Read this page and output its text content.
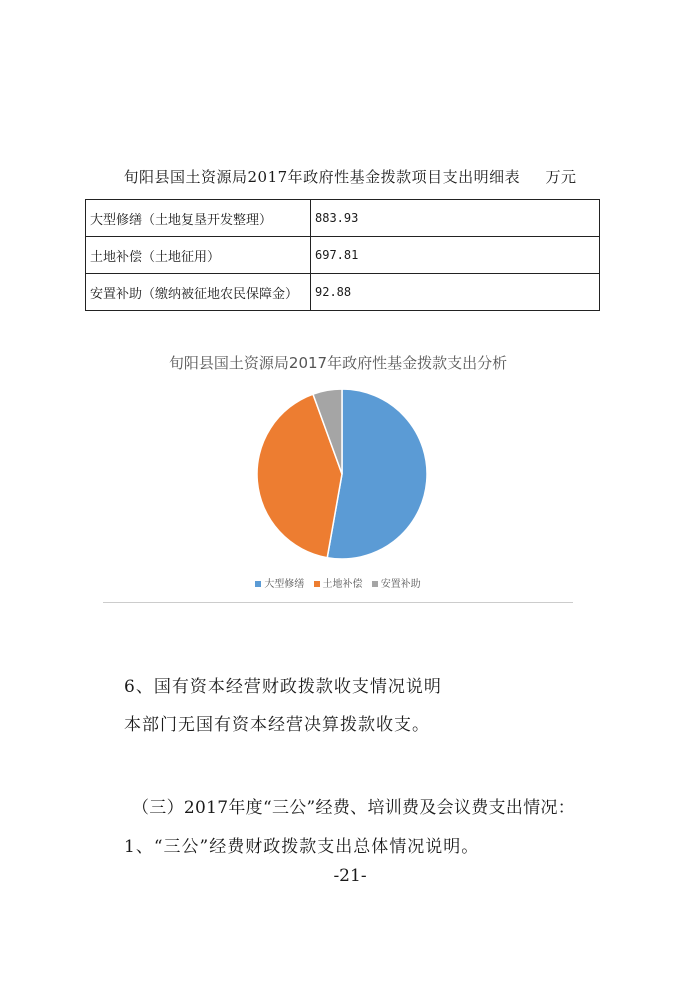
旬阳县国土资源局2017年政府性基金拨款项目支出明细表 万元
大型修缮（土地复垦开发整理）	883.93
土地补偿（土地征用）	697.81
安置补助（缴纳被征地农民保障金）	92.88
旬阳县国土资源局2017年政府性基金拨款支出分析
大型修缮 土地补偿 安置补助
6、国有资本经营财政拨款收支情况说明
本部门无国有资本经营决算拨款收支。
（三）2017年度“三公”经费、培训费及会议费支出情况：
1、“三公”经费财政拨款支出总体情况说明。
-21-
